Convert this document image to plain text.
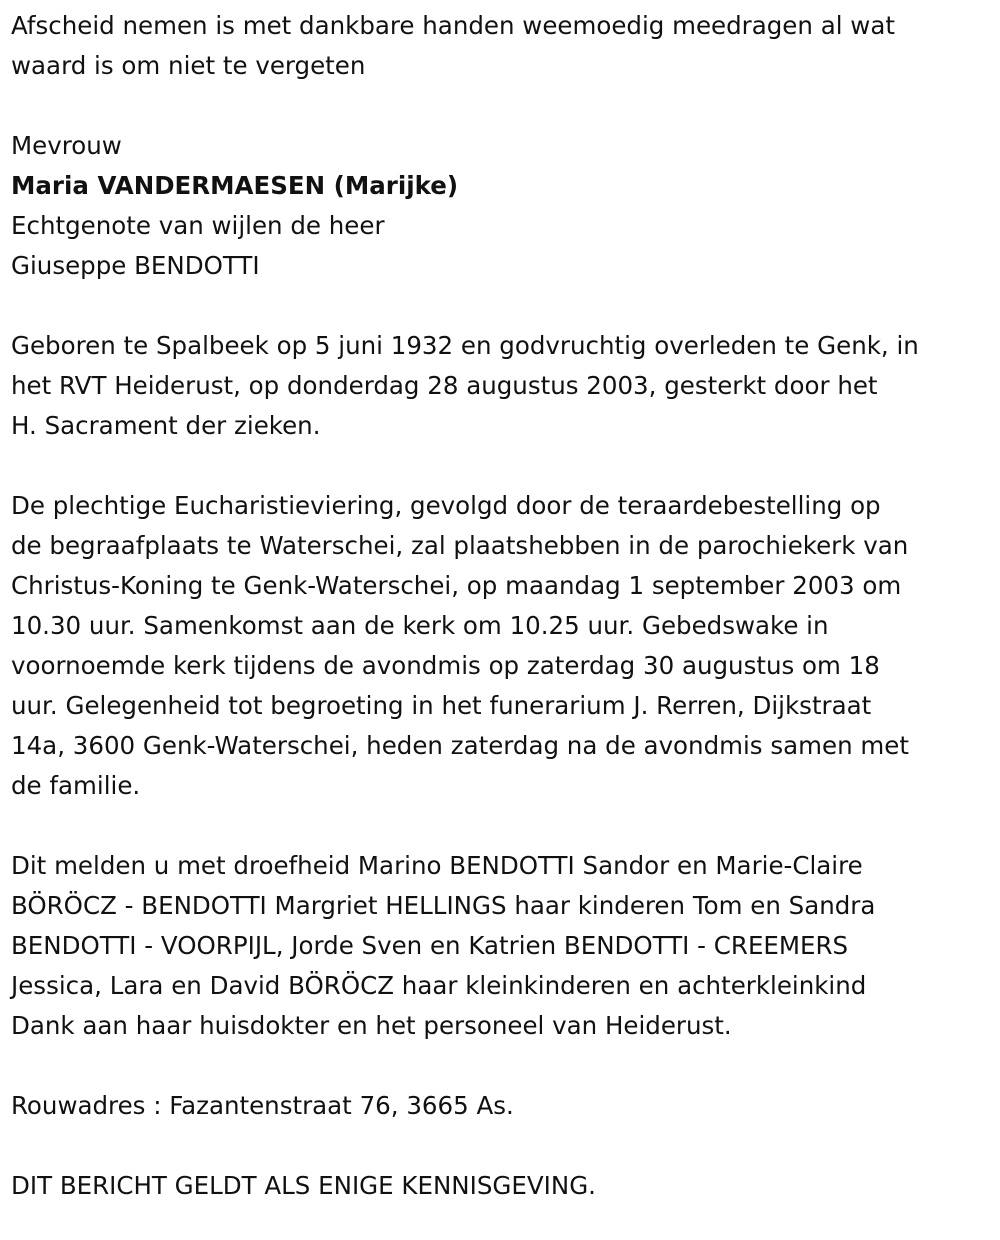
Afscheid nemen is met dankbare handen weemoedig meedragen al wat
waard is om niet te vergeten

Mevrouw

Maria VANDERMAESEN (Marijke)

Echtgenote van wijlen de heer

Giuseppe BENDOTTI

Geboren te Spalbeek op 5 juni 1932 en godvruchtig overleden te Genk, in
het RVT Heiderust, op donderdag 28 augustus 2003, gesterkt door het
H. Sacrament der zieken.

De plechtige Eucharistieviering, gevolgd door de teraardebestelling op
de begraafplaats te Waterschei, zal plaatshebben in de parochiekerk van
Christus-Koning te Genk-Waterschei, op maandag 1 september 2003 om
10.30 uur. Samenkomst aan de kerk om 10.25 uur. Gebedswake in
voornoemde kerk tijdens de avondmis op zaterdag 30 augustus om 18
uur. Gelegenheid tot begroeting in het funerarium J. Rerren, Dijkstraat
14a, 3600 Genk-Waterschei, heden zaterdag na de avondmis samen met
de familie.

Dit melden u met droefheid Marino BENDOTTI Sandor en Marie-Claire
BÖRÖCZ - BENDOTTI Margriet HELLINGS haar kinderen Tom en Sandra
BENDOTTI - VOORPIJL, Jorde Sven en Katrien BENDOTTI - CREEMERS
Jessica, Lara en David BÖRÖCZ haar kleinkinderen en achterkleinkind
Dank aan haar huisdokter en het personeel van Heiderust.

Rouwadres : Fazantenstraat 76, 3665 As.

DIT BERICHT GELDT ALS ENIGE KENNISGEVING.
